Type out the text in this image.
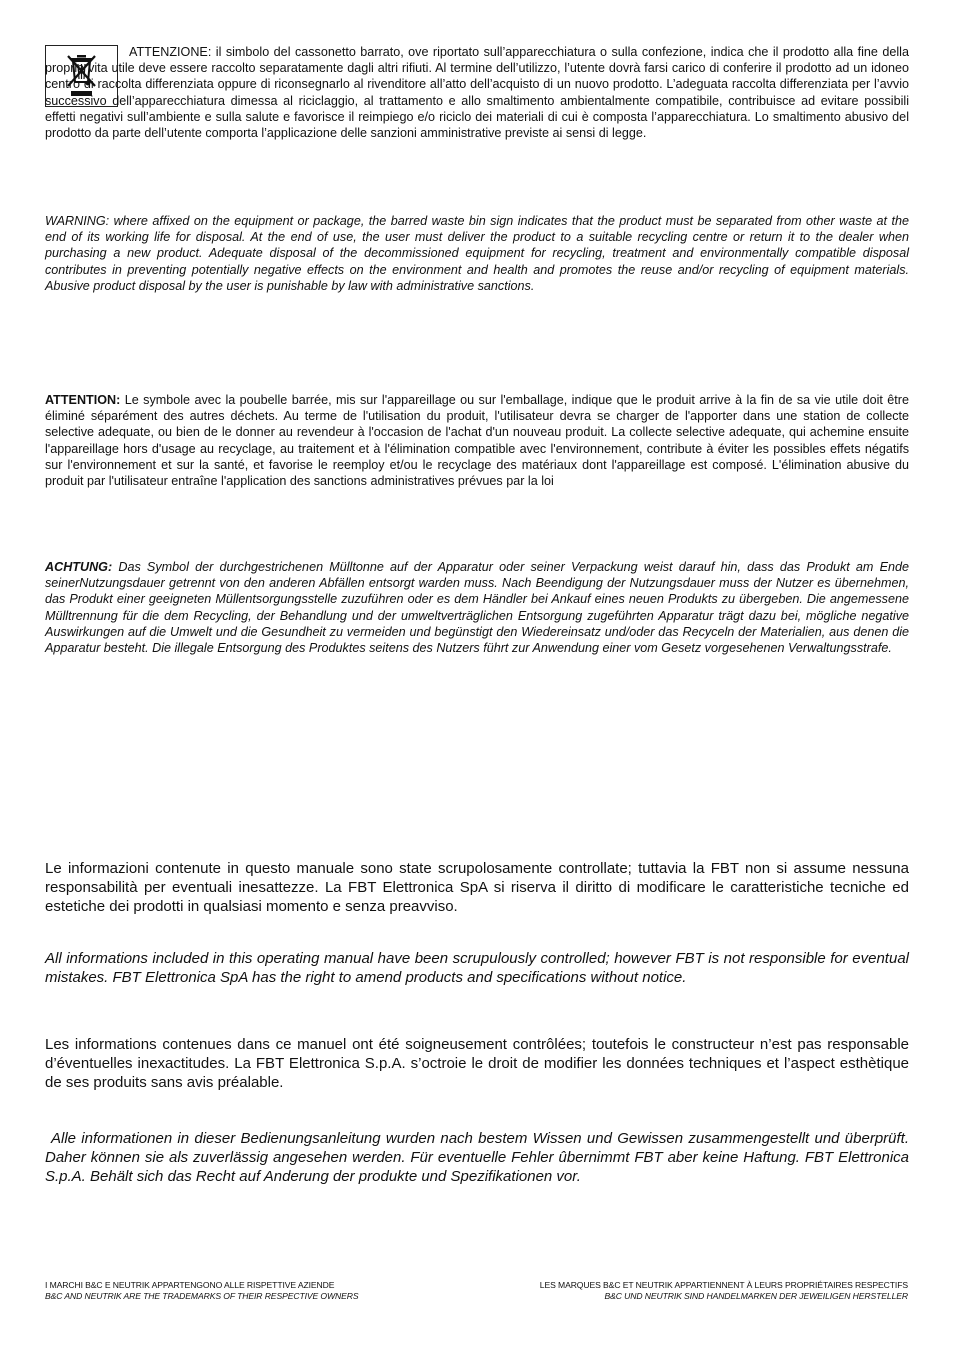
ATTENZIONE: il simbolo del cassonetto barrato, ove riportato sull’apparecchiatura o sulla confezione, indica che il prodotto alla fine della propria vita utile deve essere raccolto separatamente dagli altri rifiuti. Al termine dell’utilizzo, l’utente dovrà farsi carico di conferire il prodotto ad un idoneo centro di raccolta differenziata oppure di riconsegnarlo al rivenditore all’atto dell’acquisto di un nuovo prodotto. L’adeguata raccolta differenziata per l’avvio successivo dell’apparecchiatura dimessa al riciclaggio, al trattamento e allo smaltimento ambientalmente compatibile, contribuisce ad evitare possibili effetti negativi sull’ambiente e sulla salute e favorisce il reimpiego e/o riciclo dei materiali di cui è composta l’apparecchiatura. Lo smaltimento abusivo del prodotto da parte dell’utente comporta l’applicazione delle sanzioni amministrative previste ai sensi di legge.

WARNING: where affixed on the equipment or package, the barred waste bin sign indicates that the product must be separated from other waste at the end of its working life for disposal. At the end of use, the user must deliver the product to a suitable recycling centre or return it to the dealer when purchasing a new product. Adequate disposal of the decommissioned equipment for recycling, treatment and environmentally compatible disposal contributes in preventing potentially negative effects on the environment and health and promotes the reuse and/or recycling of equipment materials. Abusive product disposal by the user is punishable by law with administrative sanctions.

ATTENTION: Le symbole avec la poubelle barrée, mis sur l'appareillage ou sur l'emballage, indique que le produit arrive à la fin de sa vie utile doit être éliminé séparément des autres déchets. Au terme de l'utilisation du produit, l'utilisateur devra se charger de l'apporter dans une station de collecte selective adequate, ou bien de le donner au revendeur à l'occasion de l'achat d'un nouveau produit. La collecte selective adequate, qui achemine ensuite l'appareillage hors d'usage au recyclage, au traitement et à l'élimination compatible avec l'environnement, contribute à éviter les possibles effets négatifs sur l'environnement et sur la santé, et favorise le reemploy et/ou le recyclage des matériaux dont l'appareillage est composé. L'élimination abusive du produit par l'utilisateur entraîne l'application des sanctions administratives prévues par la loi

ACHTUNG: Das Symbol der durchgestrichenen Mülltonne auf der Apparatur oder seiner Verpackung weist darauf hin, dass das Produkt am Ende seinerNutzungsdauer getrennt von den anderen Abfällen entsorgt warden muss. Nach Beendigung der Nutzungsdauer muss der Nutzer es übernehmen, das Produkt einer geeigneten Müllentsorgungsstelle zuzuführen oder es dem Händler bei Ankauf eines neuen Produkts zu übergeben. Die angemessene Mülltrennung für die dem Recycling, der Behandlung und der umweltverträglichen Entsorgung zugeführten Apparatur trägt dazu bei, mögliche negative Auswirkungen auf die Umwelt und die Gesundheit zu vermeiden und begünstigt den Wiedereinsatz und/oder das Recyceln der Materialien, aus denen die Apparatur besteht. Die illegale Entsorgung des Produktes seitens des Nutzers führt zur Anwendung einer vom Gesetz vorgesehenen Verwaltungsstrafe.

Le informazioni contenute in questo manuale sono state scrupolosamente controllate; tuttavia la FBT non si assume nessuna responsabilità per eventuali inesattezze. La FBT Elettronica SpA si riserva il diritto di modificare le caratteristiche tecniche ed estetiche dei prodotti in qualsiasi momento e senza preavviso.

All informations included in this operating manual have been scrupulously controlled; however FBT is not responsible for eventual mistakes. FBT Elettronica SpA has the right to amend products and specifications without notice.

Les informations contenues dans ce manuel ont été soigneusement contrôlées; toutefois le constructeur n’est pas responsable d’éventuelles inexactitudes. La FBT Elettronica S.p.A. s’octroie le droit de modifier les données techniques et l’aspect esthètique de ses produits sans avis préalable.

Alle informationen in dieser Bedienungsanleitung wurden nach bestem Wissen und Gewissen zusammengestellt und überprüft. Daher können sie als zuverlässig angesehen werden. Für eventuelle Fehler ûbernimmt FBT aber keine Haftung. FBT Elettronica S.p.A. Behält sich das Recht auf Anderung der produkte und Spezifikationen vor.

I MARCHI B&C E NEUTRIK APPARTENGONO ALLE RISPETTIVE AZIENDE
B&C AND NEUTRIK ARE THE TRADEMARKS OF THEIR RESPECTIVE OWNERS
LES MARQUES B&C ET NEUTRIK APPARTIENNENT À LEURS PROPRIÉTAIRES RESPECTIFS
B&C UND NEUTRIK SIND HANDELMARKEN DER JEWEILIGEN HERSTELLER
